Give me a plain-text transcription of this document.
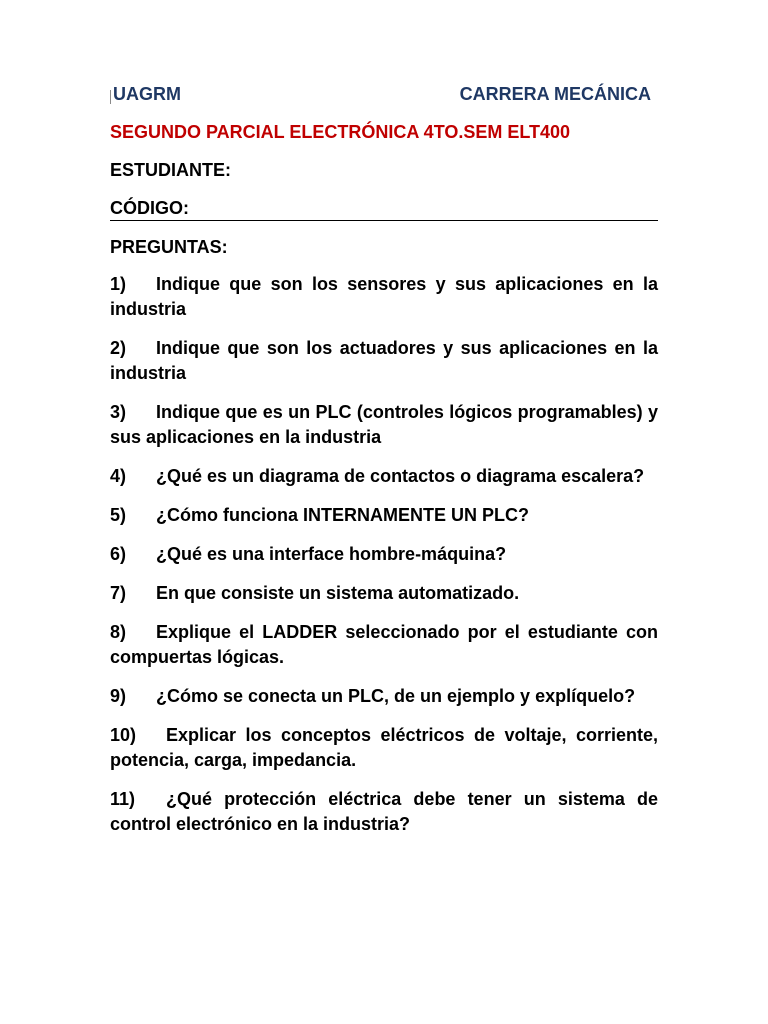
UAGRM	CARRERA MECÁNICA
SEGUNDO PARCIAL ELECTRÓNICA 4TO.SEM ELT400
ESTUDIANTE:
CÓDIGO:
PREGUNTAS:
1) Indique que son los sensores y sus aplicaciones en la industria
2) Indique que son los actuadores y sus aplicaciones en la industria
3) Indique que es un PLC (controles lógicos programables) y sus aplicaciones en la industria
4) ¿Qué es un diagrama de contactos o diagrama escalera?
5) ¿Cómo funciona INTERNAMENTE UN PLC?
6) ¿Qué es una interface hombre-máquina?
7) En que consiste un sistema automatizado.
8) Explique el LADDER seleccionado por el estudiante con compuertas lógicas.
9) ¿Cómo se conecta un PLC, de un ejemplo y explíquelo?
10) Explicar los conceptos eléctricos de voltaje, corriente, potencia, carga, impedancia.
11) ¿Qué protección eléctrica debe tener un sistema de control electrónico en la industria?
